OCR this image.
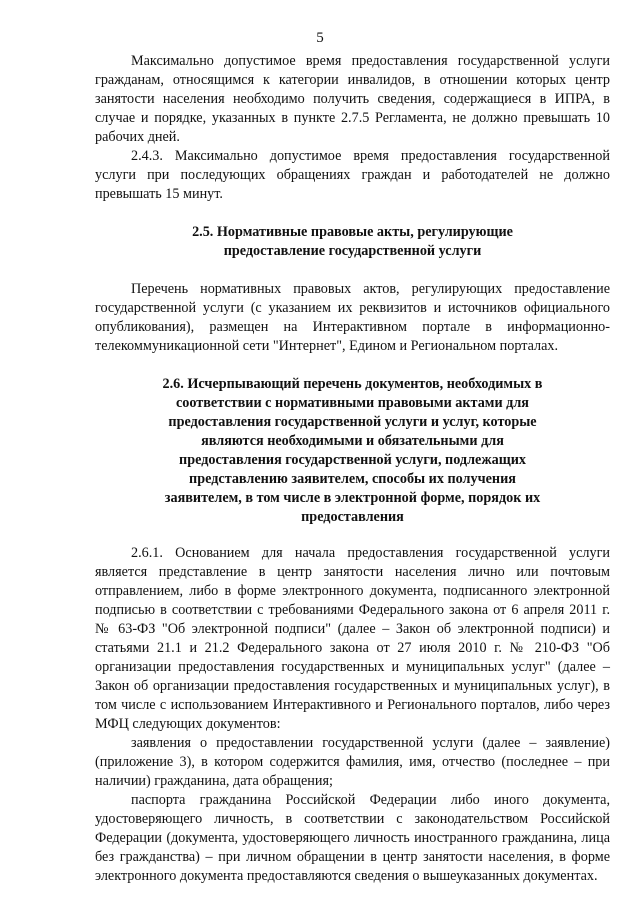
5

Максимально допустимое время предоставления государственной услуги гражданам, относящимся к категории инвалидов, в отношении которых центр занятости населения необходимо получить сведения, содержащиеся в ИПРА, в случае и порядке, указанных в пункте 2.7.5 Регламента, не должно превышать 10 рабочих дней.

2.4.3. Максимально допустимое время предоставления государственной услуги при последующих обращениях граждан и работодателей не должно превышать 15 минут.

2.5. Нормативные правовые акты, регулирующие предоставление государственной услуги

Перечень нормативных правовых актов, регулирующих предоставление государственной услуги (с указанием их реквизитов и источников официального опубликования), размещен на Интерактивном портале в информационно-телекоммуникационной сети "Интернет", Едином и Региональном порталах.

2.6. Исчерпывающий перечень документов, необходимых в соответствии с нормативными правовыми актами для предоставления государственной услуги и услуг, которые являются необходимыми и обязательными для предоставления государственной услуги, подлежащих представлению заявителем, способы их получения заявителем, в том числе в электронной форме, порядок их предоставления

2.6.1. Основанием для начала предоставления государственной услуги является представление в центр занятости населения лично или почтовым отправлением, либо в форме электронного документа, подписанного электронной подписью в соответствии с требованиями Федерального закона от 6 апреля 2011 г. № 63-ФЗ "Об электронной подписи" (далее – Закон об электронной подписи) и статьями 21.1 и 21.2 Федерального закона от 27 июля 2010 г. № 210-ФЗ "Об организации предоставления государственных и муниципальных услуг" (далее – Закон об организации предоставления государственных и муниципальных услуг), в том числе с использованием Интерактивного и Регионального порталов, либо через МФЦ следующих документов:

заявления о предоставлении государственной услуги (далее – заявление) (приложение 3), в котором содержится фамилия, имя, отчество (последнее – при наличии) гражданина, дата обращения;

паспорта гражданина Российской Федерации либо иного документа, удостоверяющего личность, в соответствии с законодательством Российской Федерации (документа, удостоверяющего личность иностранного гражданина, лица без гражданства) – при личном обращении в центр занятости населения, в форме электронного документа предоставляются сведения о вышеуказанных документах.
